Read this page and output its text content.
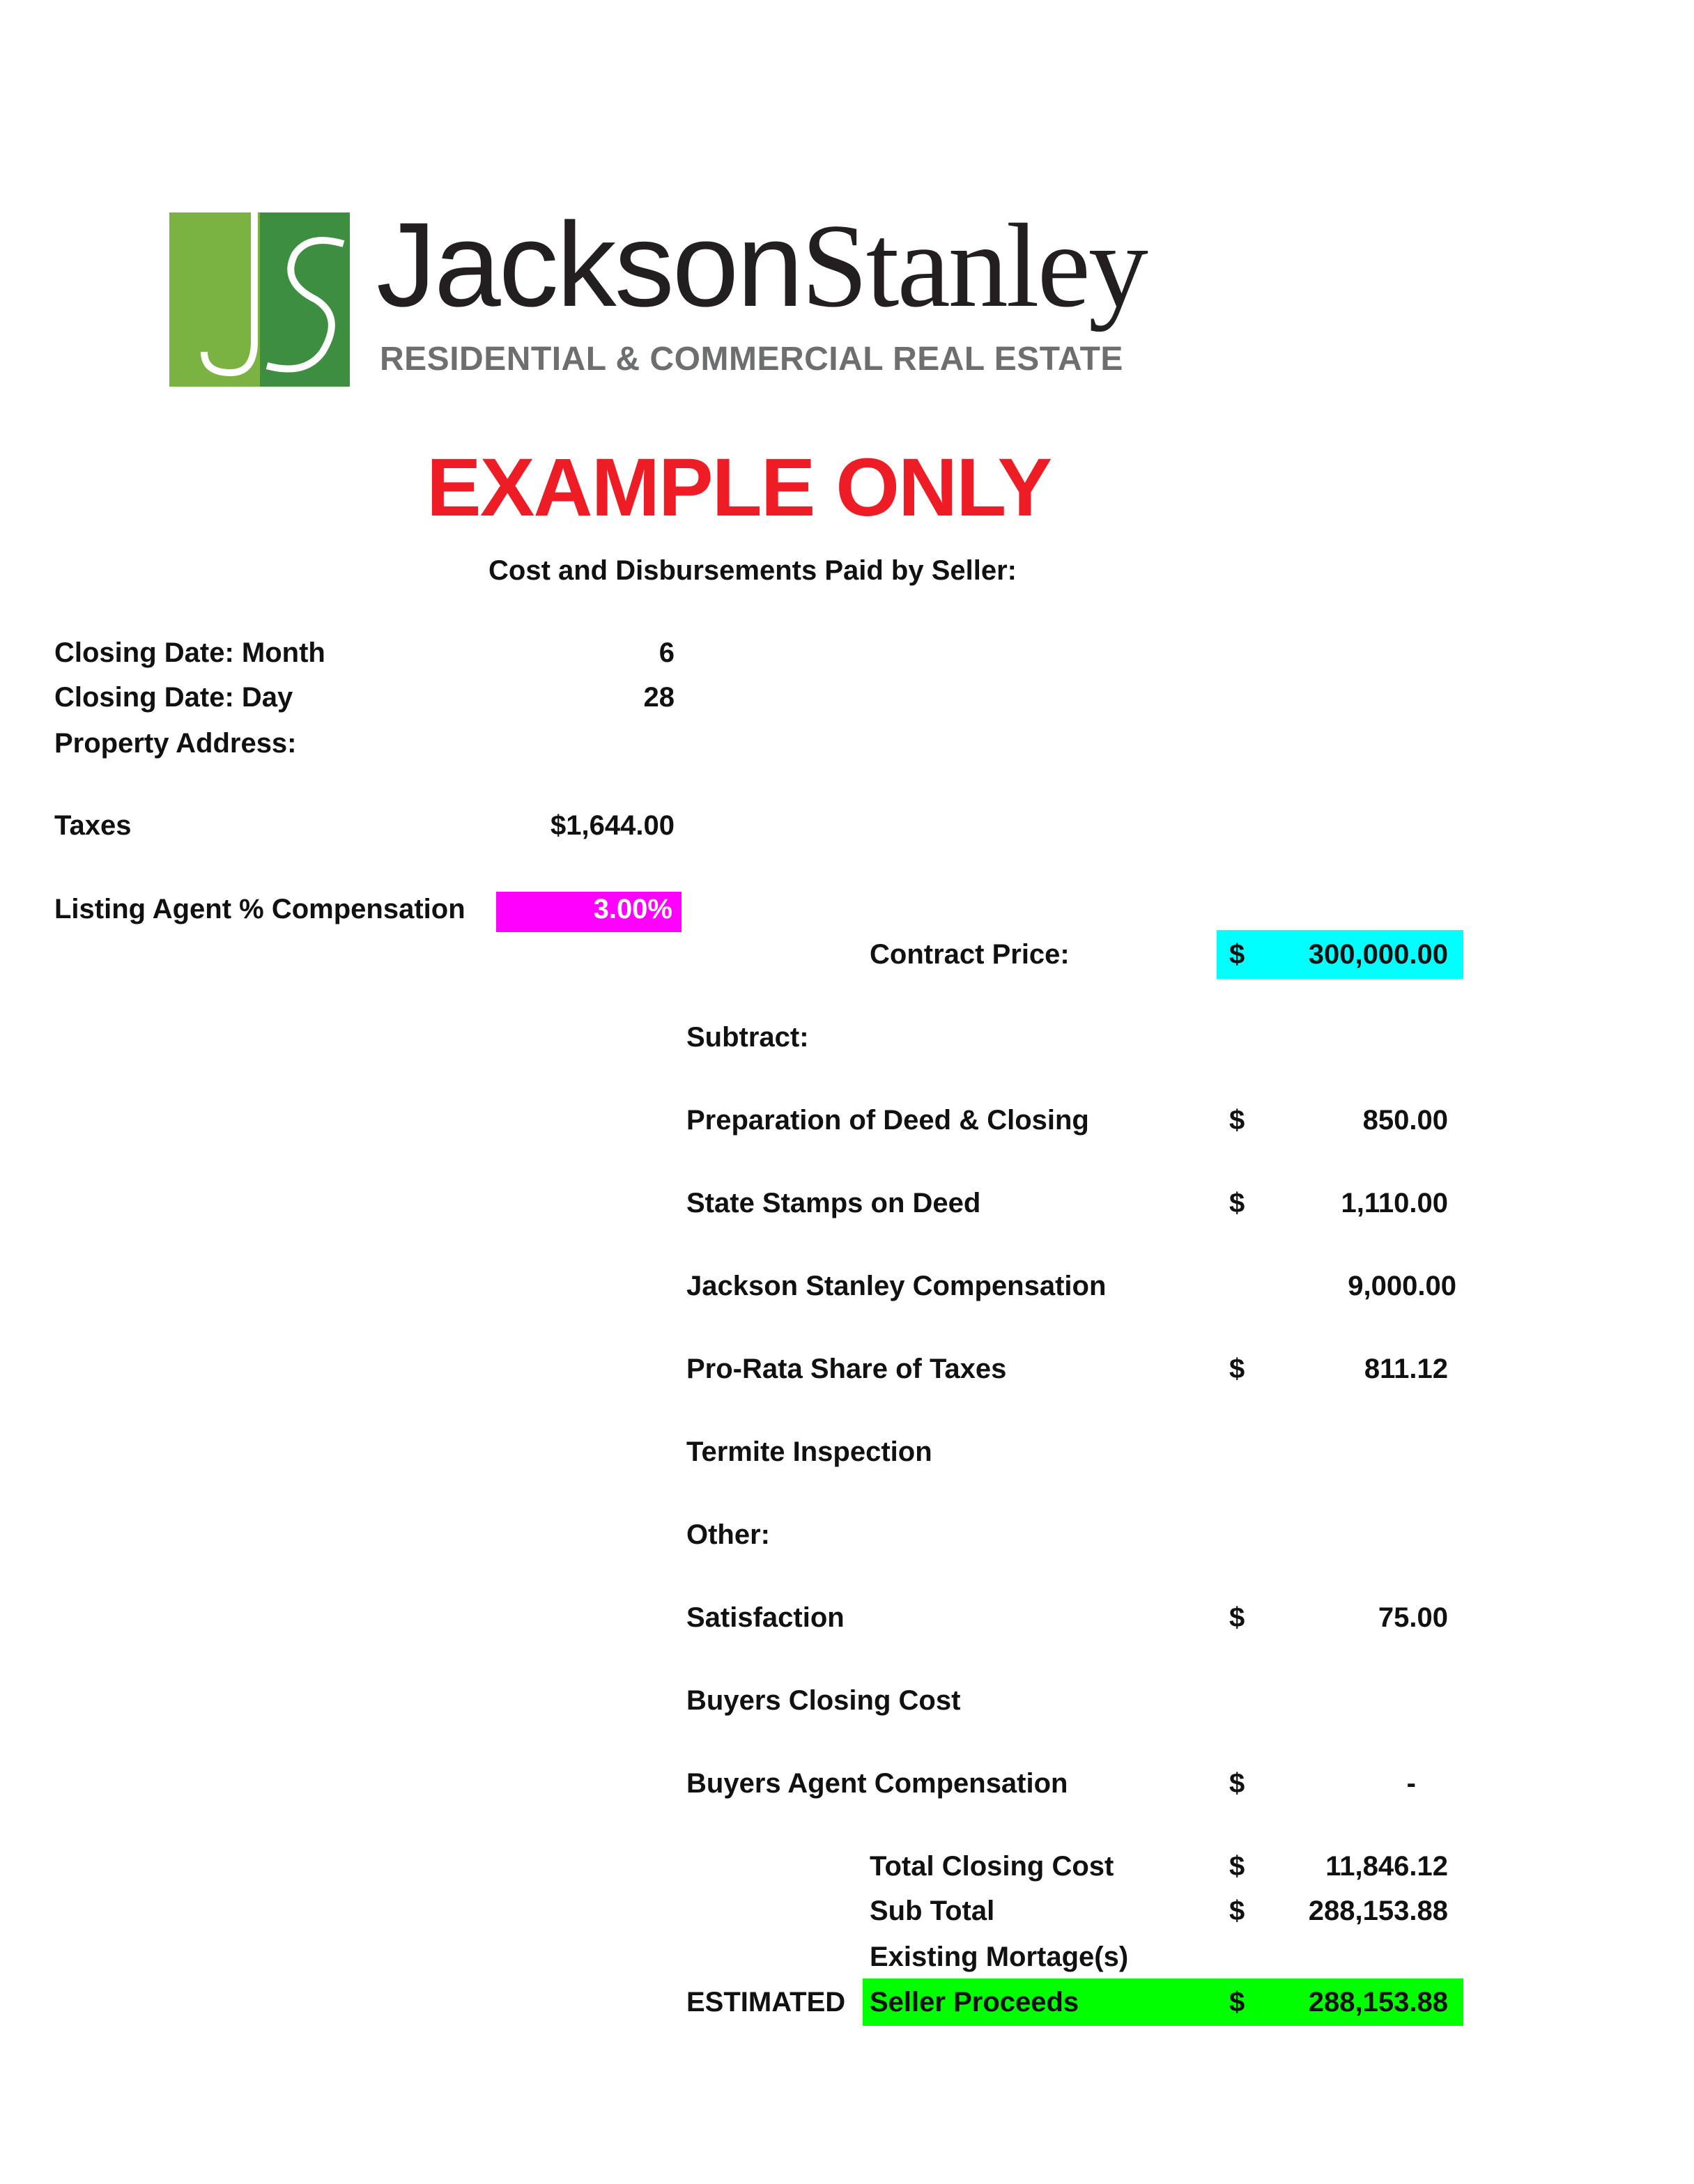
JacksonStanley
RESIDENTIAL & COMMERCIAL REAL ESTATE
EXAMPLE ONLY
Cost and Disbursements Paid by Seller:
Closing Date: Month	6
Closing Date: Day	28
Property Address:
Taxes	$1,644.00
Listing Agent % Compensation	3.00%
Contract Price:	$	300,000.00
Subtract:
Preparation of Deed & Closing	$	850.00
State Stamps on Deed	$	1,110.00
Jackson Stanley Compensation	9,000.00
Pro-Rata Share of Taxes	$	811.12
Termite Inspection
Other:
Satisfaction	$	75.00
Buyers Closing Cost
Buyers Agent Compensation	$	-
Total Closing Cost	$	11,846.12
Sub Total	$	288,153.88
Existing Mortage(s)
ESTIMATED Seller Proceeds	$	288,153.88
